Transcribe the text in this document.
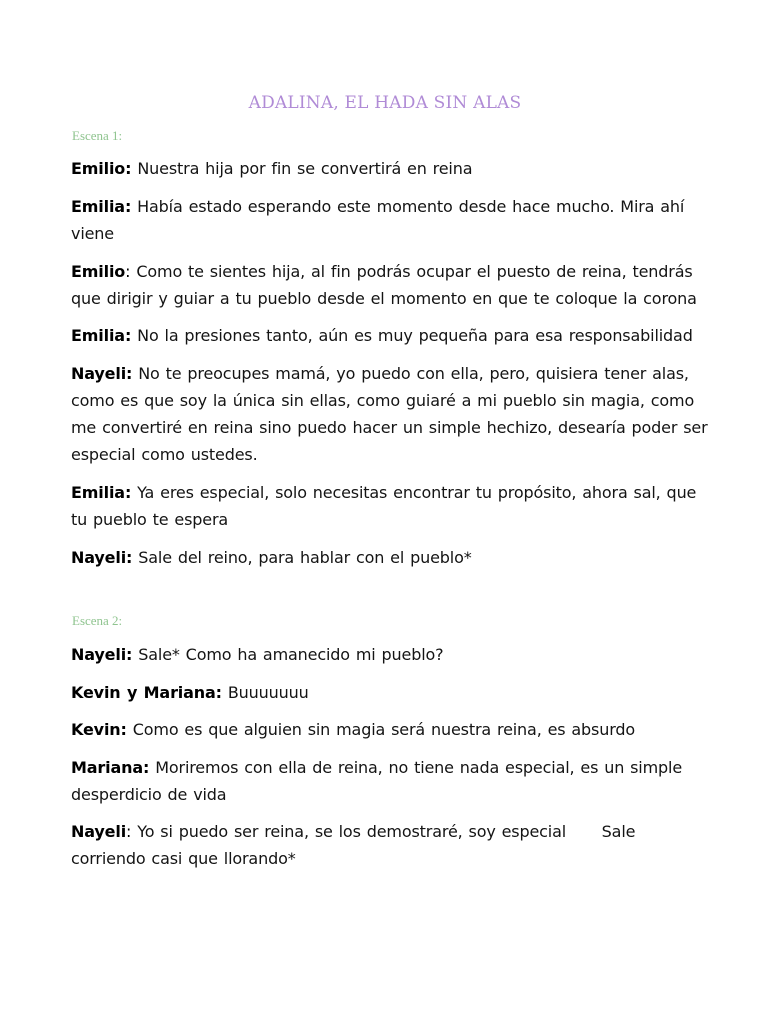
ADALINA, EL HADA SIN ALAS
Escena 1:
Emilio: Nuestra hija por fin se convertirá en reina
Emilia: Había estado esperando este momento desde hace mucho. Mira ahí viene
Emilio: Como te sientes hija, al fin podrás ocupar el puesto de reina, tendrás que dirigir y guiar a tu pueblo desde el momento en que te coloque la corona
Emilia: No la presiones tanto, aún es muy pequeña para esa responsabilidad
Nayeli: No te preocupes mamá, yo puedo con ella, pero, quisiera tener alas, como es que soy la única sin ellas, como guiaré a mi pueblo sin magia, como me convertiré en reina sino puedo hacer un simple hechizo, desearía poder ser especial como ustedes.
Emilia: Ya eres especial, solo necesitas encontrar tu propósito, ahora sal, que tu pueblo te espera
Nayeli: Sale del reino, para hablar con el pueblo*
Escena 2:
Nayeli: Sale* Como ha amanecido mi pueblo?
Kevin y Mariana: Buuuuuuu
Kevin: Como es que alguien sin magia será nuestra reina, es absurdo
Mariana: Moriremos con ella de reina, no tiene nada especial, es un simple desperdicio de vida
Nayeli: Yo si puedo ser reina, se los demostraré, soy especial      Sale corriendo casi que llorando*
